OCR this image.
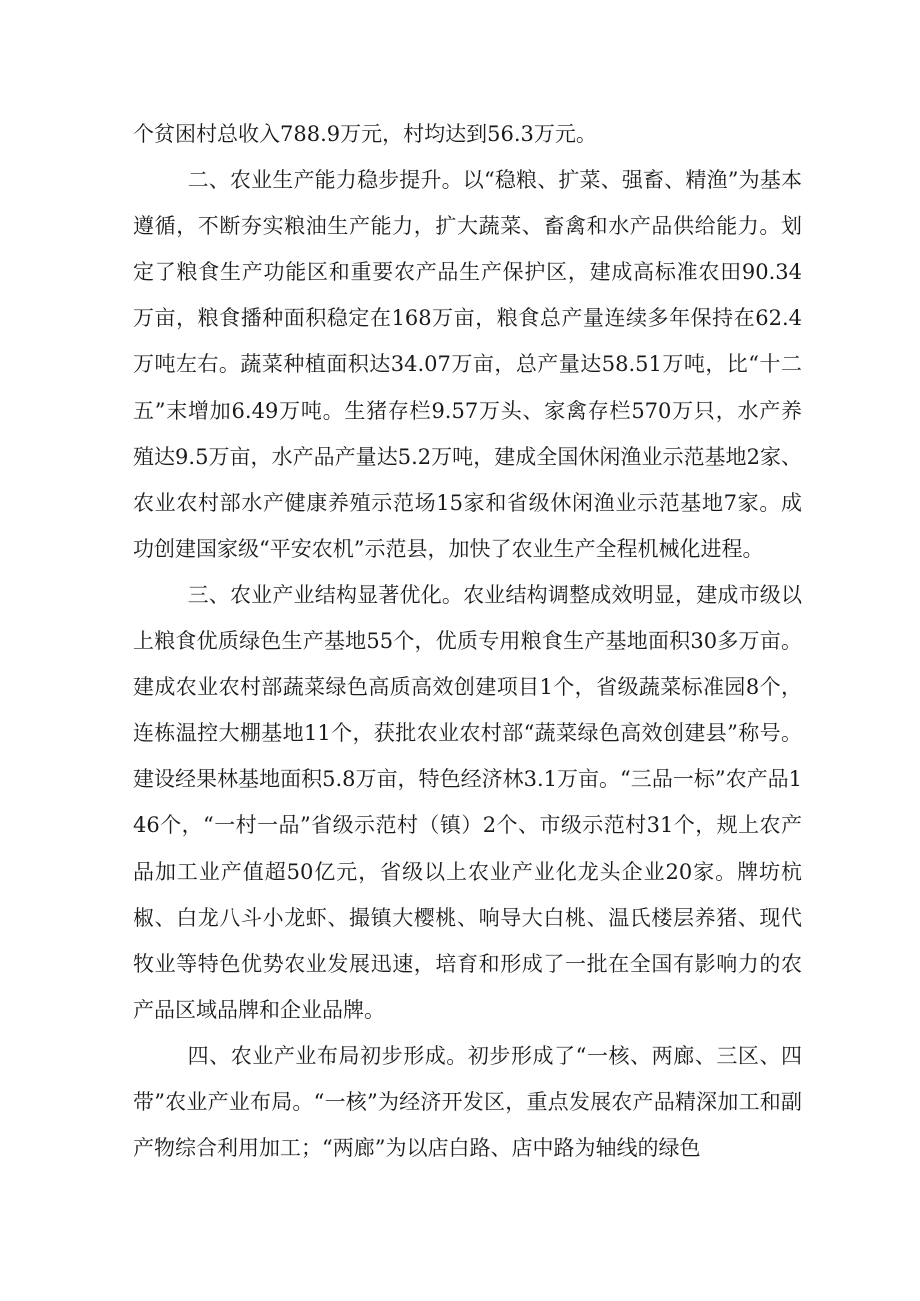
个贫困村总收入788.9万元，村均达到56.3万元。

二、农业生产能力稳步提升。以“稳粮、扩菜、强畜、精渔”为基本遵循，不断夯实粮油生产能力，扩大蔬菜、畜禽和水产品供给能力。划定了粮食生产功能区和重要农产品生产保护区，建成高标准农田90.34万亩，粮食播种面积稳定在168万亩，粮食总产量连续多年保持在62.4万吨左右。蔬菜种植面积达34.07万亩，总产量达58.51万吨，比“十二五”末增加6.49万吨。生猪存栏9.57万头、家禽存栏570万只，水产养殖达9.5万亩，水产品产量达5.2万吨，建成全国休闲渔业示范基地2家、农业农村部水产健康养殖示范场15家和省级休闲渔业示范基地7家。成功创建国家级“平安农机”示范县，加快了农业生产全程机械化进程。

三、农业产业结构显著优化。农业结构调整成效明显，建成市级以上粮食优质绿色生产基地55个，优质专用粮食生产基地面积30多万亩。建成农业农村部蔬菜绿色高质高效创建项目1个，省级蔬菜标准园8个，连栋温控大棚基地11个，获批农业农村部“蔬菜绿色高效创建县”称号。建设经果林基地面积5.8万亩，特色经济林3.1万亩。“三品一标”农产品146个，“一村一品”省级示范村（镇）2个、市级示范村31个，规上农产品加工业产值超50亿元，省级以上农业产业化龙头企业20家。牌坊杭椒、白龙八斗小龙虾、撮镇大樱桃、响导大白桃、温氏楼层养猪、现代牧业等特色优势农业发展迅速，培育和形成了一批在全国有影响力的农产品区域品牌和企业品牌。

四、农业产业布局初步形成。初步形成了“一核、两廊、三区、四带”农业产业布局。“一核”为经济开发区，重点发展农产品精深加工和副产物综合利用加工；“两廊”为以店白路、店中路为轴线的绿色
